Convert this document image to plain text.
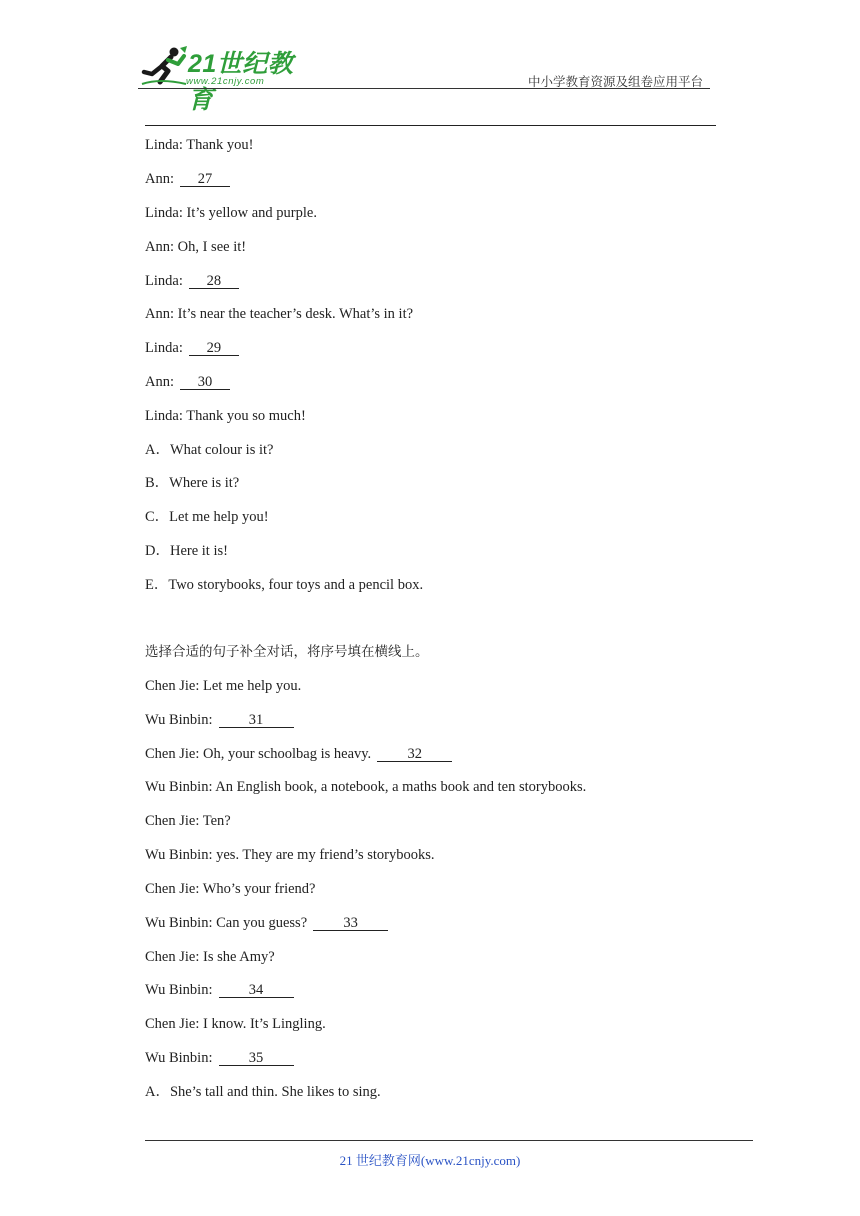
21世纪教育
www.21cnjy.com	中小学教育资源及组卷应用平台
Linda: Thank you!
Ann: 27
Linda: It’s yellow and purple.
Ann: Oh, I see it!
Linda: 28
Ann: It’s near the teacher’s desk. What’s in it?
Linda: 29
Ann: 30
Linda: Thank you so much!
A．What colour is it?
B．Where is it?
C．Let me help you!
D．Here it is!
E．Two storybooks, four toys and a pencil box.
选择合适的句子补全对话，将序号填在横线上。
Chen Jie: Let me help you.
Wu Binbin:	31
Chen Jie: Oh, your schoolbag is heavy.	32
Wu Binbin: An English book, a notebook, a maths book and ten storybooks.
Chen Jie: Ten?
Wu Binbin: yes. They are my friend’s storybooks.
Chen Jie: Who’s your friend?
Wu Binbin: Can you guess?	33
Chen Jie: Is she Amy?
Wu Binbin:	34
Chen Jie: I know. It’s Lingling.
Wu Binbin:	35
A．She’s tall and thin. She likes to sing.
21 世纪教育网(www.21cnjy.com)
